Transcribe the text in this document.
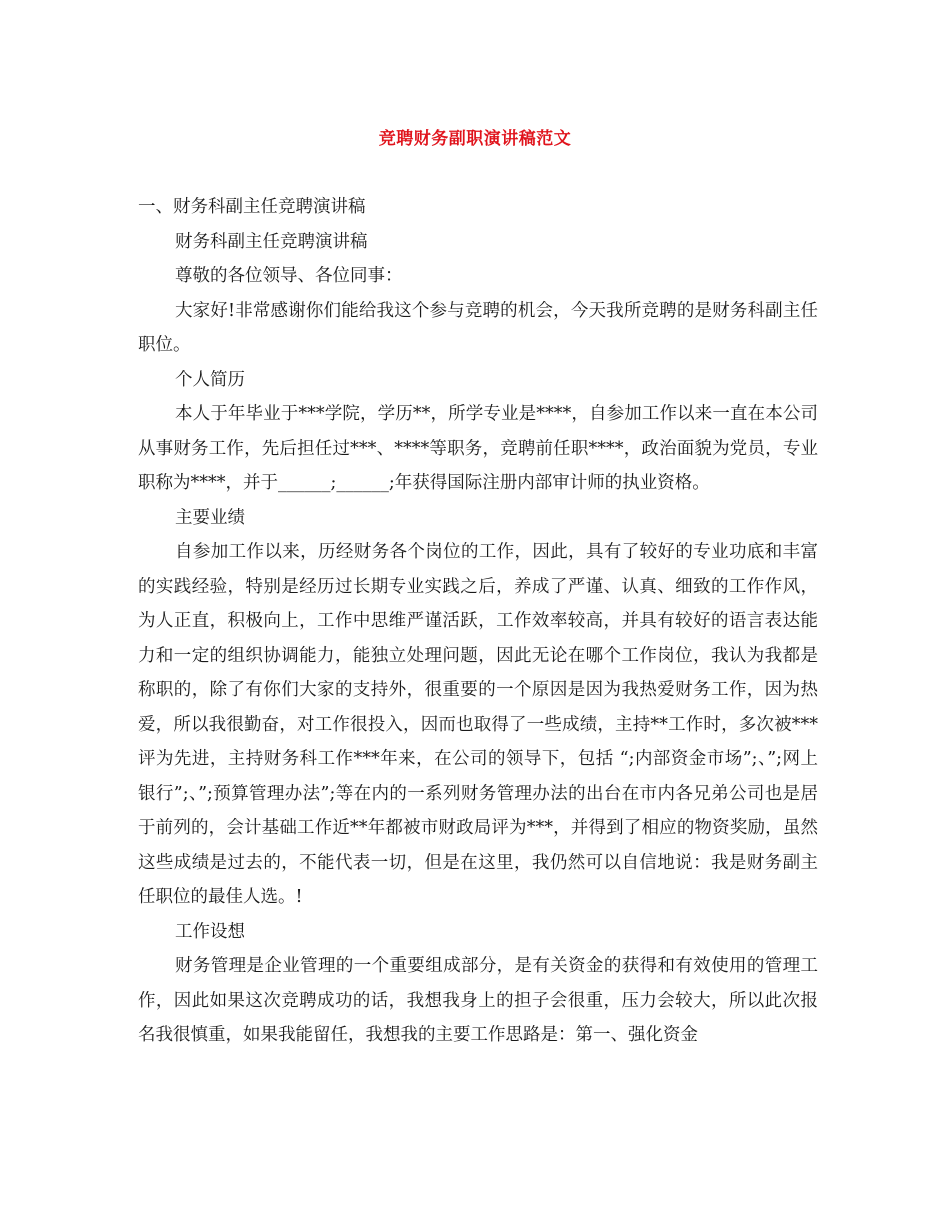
竞聘财务副职演讲稿范文

一、财务科副主任竞聘演讲稿

财务科副主任竞聘演讲稿

尊敬的各位领导、各位同事：

大家好!非常感谢你们能给我这个参与竞聘的机会，今天我所竞聘的是财务科副主任职位。

个人简历

本人于年毕业于***学院，学历**，所学专业是****，自参加工作以来一直在本公司从事财务工作，先后担任过***、****等职务，竞聘前任职****，政治面貌为党员，专业职称为****，并于______;______;年获得国际注册内部审计师的执业资格。

主要业绩

自参加工作以来，历经财务各个岗位的工作，因此，具有了较好的专业功底和丰富的实践经验，特别是经历过长期专业实践之后，养成了严谨、认真、细致的工作作风，为人正直，积极向上，工作中思维严谨活跃，工作效率较高，并具有较好的语言表达能力和一定的组织协调能力，能独立处理问题，因此无论在哪个工作岗位，我认为我都是称职的，除了有你们大家的支持外，很重要的一个原因是因为我热爱财务工作，因为热爱，所以我很勤奋，对工作很投入，因而也取得了一些成绩，主持**工作时，多次被***评为先进，主持财务科工作***年来，在公司的领导下，包括 “;内部资金市场”;、”;网上银行”;、”;预算管理办法”;等在内的一系列财务管理办法的出台在市内各兄弟公司也是居于前列的，会计基础工作近**年都被市财政局评为***，并得到了相应的物资奖励，虽然这些成绩是过去的，不能代表一切，但是在这里，我仍然可以自信地说：我是财务副主任职位的最佳人选。!

工作设想

财务管理是企业管理的一个重要组成部分，是有关资金的获得和有效使用的管理工作，因此如果这次竞聘成功的话，我想我身上的担子会很重，压力会较大，所以此次报名我很慎重，如果我能留任，我想我的主要工作思路是：第一、强化资金
